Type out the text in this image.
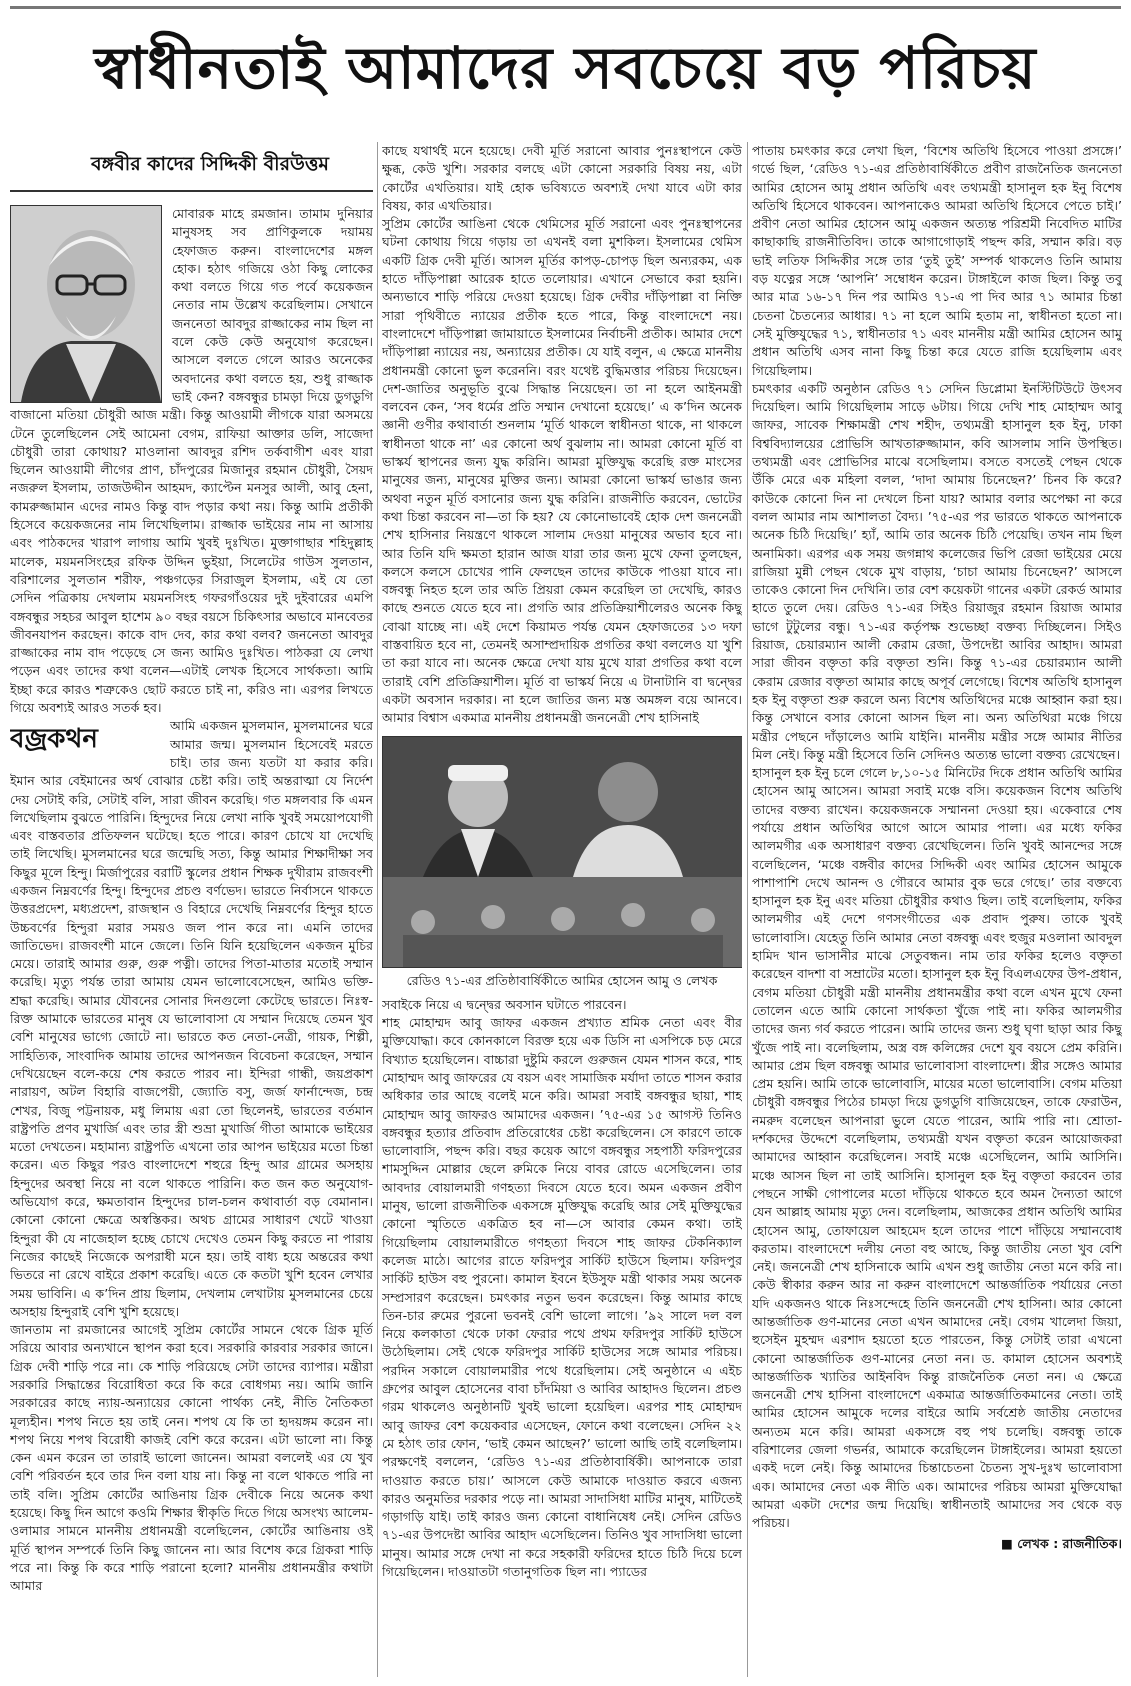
স্বাধীনতাই আমাদের সবচেয়ে বড় পরিচয়
বঙ্গবীর কাদের সিদ্দিকী বীরউত্তম

মোবারক মাহে রমজান। তামাম দুনিয়ার মানুষসহ সব প্রাণিকুলকে দয়াময় হেফাজত করুন। বাংলাদেশের মঙ্গল হোক। হঠাৎ গজিয়ে ওঠা কিছু লোকের কথা বলতে গিয়ে গত পর্বে কয়েকজন নেতার নাম উল্লেখ করেছিলাম। সেখানে জননেতা আবদুর রাজ্জাকের নাম ছিল না বলে কেউ কেউ অনুযোগ করেছেন। আসলে বলতে গেলে আরও অনেকের অবদানের কথা বলতে হয়, শুধু রাজ্জাক ভাই কেন? বঙ্গবন্ধুর চামড়া দিয়ে ডুগডুগি বাজানো মতিয়া চৌধুরী আজ মন্ত্রী। কিন্তু আওয়ামী লীগকে যারা অসময়ে টেনে তুলেছিলেন সেই আমেনা বেগম, রাফিয়া আক্তার ডলি, সাজেদা চৌধুরী তারা কোথায়? মাওলানা আবদুর রশিদ তর্কবাগীশ এবং যারা ছিলেন আওয়ামী লীগের প্রাণ, চাঁদপুরের মিজানুর রহমান চৌধুরী, সৈয়দ নজরুল ইসলাম, তাজউদ্দীন আহমদ, ক্যাপ্টেন মনসুর আলী, আবু হেনা, কামরুজ্জামান এদের নামও কিন্তু বাদ পড়ার কথা নয়। কিন্তু আমি প্রতীকী হিসেবে কয়েকজনের নাম লিখেছিলাম। রাজ্জাক ভাইয়ের নাম না আসায় এবং পাঠকদের খারাপ লাগায় আমি খুবই দুঃখিত। মুক্তাগাছার শহিদুল্লাহ মালেক, ময়মনসিংহের রফিক উদ্দিন ভুইয়া, সিলেটের গাউস সুলতান, বরিশালের সুলতান শরীফ, পঞ্চগড়ের সিরাজুল ইসলাম, এই যে তো সেদিন পত্রিকায় দেখলাম ময়মনসিংহ গফরগাঁওয়ের দুই দুইবারের এমপি বঙ্গবন্ধুর সহচর আবুল হাশেম ৯০ বছর বয়সে চিকিৎসার অভাবে মানবেতর জীবনযাপন করছেন। কাকে বাদ দেব, কার কথা বলব? জননেতা আবদুর রাজ্জাকের নাম বাদ পড়েছে সে জন্য আমিও দুঃখিত। পাঠকরা যে লেখা পড়েন এবং তাদের কথা বলেন—এটাই লেখক হিসেবে সার্থকতা। আমি ইচ্ছা করে কারও শত্রুকেও ছোট করতে চাই না, করিও না। এরপর লিখতে গিয়ে অবশ্যই আরও সতর্ক হব।

বজ্রকথন	আমি একজন মুসলমান, মুসলমানের ঘরে আমার জন্ম। মুসলমান হিসেবেই মরতে চাই। তার জন্য যতটা যা করার করি। ইমান আর বেইমানের অর্থ বোঝার চেষ্টা করি। তাই অন্তরাত্মা যে নির্দেশ দেয় সেটাই করি, সেটাই বলি, সারা জীবন করেছি। গত মঙ্গলবার কি এমন লিখেছিলাম বুঝতে পারিনি। হিন্দুদের নিয়ে লেখা নাকি খুবই সময়োপযোগী এবং বাস্তবতার প্রতিফলন ঘটেছে। হতে পারে। কারণ চোখে যা দেখেছি তাই লিখেছি। মুসলমানের ঘরে জন্মেছি সত্য, কিন্তু আমার শিক্ষাদীক্ষা সব কিছুর মূলে হিন্দু। মির্জাপুরের বরাটি স্কুলের প্রধান শিক্ষক দুখীরাম রাজবংশী একজন নিম্নবর্ণের হিন্দু। হিন্দুদের প্রচণ্ড বর্ণভেদ। ভারতে নির্বাসনে থাকতে উত্তরপ্রদেশ, মধ্যপ্রদেশ, রাজস্থান ও বিহারে দেখেছি নিম্নবর্ণের হিন্দুর হাতে উচ্চবর্ণের হিন্দুরা মরার সময়ও জল পান করে না। এমনি তাদের জাতিভেদ। রাজবংশী মানে জেলে। তিনি যিনি হয়েছিলেন একজন মুচির মেয়ে। তারাই আমার গুরু, গুরু পত্নী। তাদের পিতা-মাতার মতোই সম্মান করেছি। মৃত্যু পর্যন্ত তারা আমায় যেমন ভালোবেসেছেন, আমিও ভক্তি-শ্রদ্ধা করেছি। আমার যৌবনের সোনার দিনগুলো কেটেছে ভারতে। নিঃস্ব-রিক্ত আমাকে ভারতের মানুষ যে ভালোবাসা যে সম্মান দিয়েছে তেমন খুব বেশি মানুষের ভাগ্যে জোটে না। ভারতে কত নেতা-নেত্রী, গায়ক, শিল্পী, সাহিত্যিক, সাংবাদিক আমায় তাদের আপনজন বিবেচনা করেছেন, সম্মান দেখিয়েছেন বলে-কয়ে শেষ করতে পারব না। ইন্দিরা গান্ধী, জয়প্রকাশ নারায়ণ, অটল বিহারি বাজপেয়ী, জ্যোতি বসু, জর্জ ফার্নান্দেজ, চন্দ্র শেখর, বিজু পট্টনায়ক, মধু লিমায় এরা তো ছিলেনই, ভারতের বর্তমান রাষ্ট্রপতি প্রণব মুখার্জি এবং তার স্ত্রী শুভ্রা মুখার্জি গীতা আমাকে ভাইয়ের মতো দেখতেন। মহামান্য রাষ্ট্রপতি এখনো তার আপন ভাইয়ের মতো চিন্তা করেন। এত কিছুর পরও বাংলাদেশে শহুরে হিন্দু আর গ্রামের অসহায় হিন্দুদের অবস্থা নিয়ে না বলে থাকতে পারিনি। কত জন কত অনুযোগ-অভিযোগ করে, ক্ষমতাবান হিন্দুদের চাল-চলন কথাবার্তা বড় বেমানান। কোনো কোনো ক্ষেত্রে অস্বস্তিকর। অথচ গ্রামের সাধারণ খেটে খাওয়া হিন্দুরা কী যে নাজেহাল হচ্ছে চোখে দেখেও তেমন কিছু করতে না পারায় নিজের কাছেই নিজেকে অপরাধী মনে হয়। তাই বাধ্য হয়ে অন্তরের কথা ভিতরে না রেখে বাইরে প্রকাশ করেছি। এতে কে কতটা খুশি হবেন লেখার সময় ভাবিনি। এ ক’দিন প্রায় ছিলাম, দেখলাম লেখাটায় মুসলমানের চেয়ে অসহায় হিন্দুরাই বেশি খুশি হয়েছে।

জানতাম না রমজানের আগেই সুপ্রিম কোর্টের সামনে থেকে গ্রিক মূর্তি সরিয়ে আবার অন্যখানে স্থাপন করা হবে। সরকারি কারবার সরকার জানে। গ্রিক দেবী শাড়ি পরে না। কে শাড়ি পরিয়েছে সেটা তাদের ব্যাপার। মন্ত্রীরা সরকারি সিদ্ধান্তের বিরোধিতা করে কি করে বোধগম্য নয়। আমি জানি সরকারের কাছে ন্যায়-অন্যায়ের কোনো পার্থক্য নেই, নীতি নৈতিকতা মূল্যহীন। শপথ নিতে হয় তাই নেন। শপথ যে কি তা হৃদয়ঙ্গম করেন না। শপথ নিয়ে শপথ বিরোধী কাজই বেশি করে করেন। এটা ভালো না। কিন্তু কেন এমন করেন তা তারাই ভালো জানেন। আমরা বললেই এর যে খুব বেশি পরিবর্তন হবে তার দিন বলা যায় না। কিন্তু না বলে থাকতে পারি না তাই বলি। সুপ্রিম কোর্টের আঙিনায় গ্রিক দেবীকে নিয়ে অনেক কথা হয়েছে। কিছু দিন আগে কওমি শিক্ষার স্বীকৃতি দিতে গিয়ে অসংখ্য আলেম-ওলামার সামনে মাননীয় প্রধানমন্ত্রী বলেছিলেন, কোর্টের আঙিনায় ওই মূর্তি স্থাপন সম্পর্কে তিনি কিছু জানেন না। আর বিশেষ করে গ্রিকরা শাড়ি পরে না। কিন্তু কি করে শাড়ি পরানো হলো? মাননীয় প্রধানমন্ত্রীর কথাটা আমার

কাছে যথার্থই মনে হয়েছে। দেবী মূর্তি সরানো আবার পুনঃস্থাপনে কেউ ক্ষুব্ধ, কেউ খুশি। সরকার বলছে এটা কোনো সরকারি বিষয় নয়, এটা কোর্টের এখতিয়ার। যাই হোক ভবিষ্যতে অবশ্যই দেখা যাবে এটা কার বিষয়, কার এখতিয়ার।

সুপ্রিম কোর্টের আঙিনা থেকে থেমিসের মূর্তি সরানো এবং পুনঃস্থাপনের ঘটনা কোথায় গিয়ে গড়ায় তা এখনই বলা মুশকিল। ইসলামের থেমিস একটি গ্রিক দেবী মূর্তি। আসল মূর্তির কাপড়-চোপড় ছিল অন্যরকম, এক হাতে দাঁড়িপাল্লা আরেক হাতে তলোয়ার। এখানে সেভাবে করা হয়নি। অন্যভাবে শাড়ি পরিয়ে দেওয়া হয়েছে। গ্রিক দেবীর দাঁড়িপাল্লা বা নিক্তি সারা পৃথিবীতে ন্যায়ের প্রতীক হতে পারে, কিন্তু বাংলাদেশে নয়। বাংলাদেশে দাঁড়িপাল্লা জামায়াতে ইসলামের নির্বাচনী প্রতীক। আমার দেশে দাঁড়িপাল্লা ন্যায়ের নয়, অন্যায়ের প্রতীক। যে যাই বলুন, এ ক্ষেত্রে মাননীয় প্রধানমন্ত্রী কোনো ভুল করেননি। বরং যথেষ্ট বুদ্ধিমত্তার পরিচয় দিয়েছেন। দেশ-জাতির অনুভূতি বুঝে সিদ্ধান্ত নিয়েছেন। তা না হলে আইনমন্ত্রী বলবেন কেন, ‘সব ধর্মের প্রতি সম্মান দেখানো হয়েছে।’ এ ক’দিন অনেক জ্ঞানী গুণীর কথাবার্তা শুনলাম ‘মূর্তি থাকলে স্বাধীনতা থাকে, না থাকলে স্বাধীনতা থাকে না’ এর কোনো অর্থ বুঝলাম না। আমরা কোনো মূর্তি বা ভাস্কর্য স্থাপনের জন্য যুদ্ধ করিনি। আমরা মুক্তিযুদ্ধ করেছি রক্ত মাংসের মানুষের জন্য, মানুষের মুক্তির জন্য। আমরা কোনো ভাস্কর্য ভাঙার জন্য অথবা নতুন মূর্তি বসানোর জন্য যুদ্ধ করিনি। রাজনীতি করবেন, ভোটের কথা চিন্তা করবেন না—তা কি হয়? যে কোনোভাবেই হোক দেশ জননেত্রী শেখ হাসিনার নিয়ন্ত্রণে থাকলে সালাম দেওয়া মানুষের অভাব হবে না। আর তিনি যদি ক্ষমতা হারান আজ যারা তার জন্য মুখে ফেনা তুলছেন, কলসে কলসে চোখের পানি ফেলছেন তাদের কাউকে পাওয়া যাবে না। বঙ্গবন্ধু নিহত হলে তার অতি প্রিয়রা কেমন করেছিল তা দেখেছি, কারও কাছে শুনতে যেতে হবে না। প্রগতি আর প্রতিক্রিয়াশীলেরও অনেক কিছু বোঝা যাচ্ছে না। এই দেশে কিয়ামত পর্যন্ত যেমন হেফাজতের ১৩ দফা বাস্তবায়িত হবে না, তেমনই অসাম্প্রদায়িক প্রগতির কথা বললেও যা খুশি তা করা যাবে না। অনেক ক্ষেত্রে দেখা যায় মুখে যারা প্রগতির কথা বলে তারাই বেশি প্রতিক্রিয়াশীল। মূর্তি বা ভাস্কর্য নিয়ে এ টানাটানি বা দ্বন্দ্বের একটা অবসান দরকার। না হলে জাতির জন্য মস্ত অমঙ্গল বয়ে আনবে। আমার বিশ্বাস একমাত্র মাননীয় প্রধানমন্ত্রী জননেত্রী শেখ হাসিনাই

রেডিও ৭১-এর প্রতিষ্ঠাবার্ষিকীতে আমির হোসেন আমু ও লেখক

সবাইকে নিয়ে এ দ্বন্দ্বের অবসান ঘটাতে পারবেন।

শাহ মোহাম্মদ আবু জাফর একজন প্রখ্যাত শ্রমিক নেতা এবং বীর মুক্তিযোদ্ধা। কবে কোনকালে বিরক্ত হয়ে এক ডিসি না এসপিকে চড় মেরে বিখ্যাত হয়েছিলেন। বাচ্চারা দুষ্টুমি করলে গুরুজন যেমন শাসন করে, শাহ মোহাম্মদ আবু জাফরের যে বয়স এবং সামাজিক মর্যাদা তাতে শাসন করার অধিকার তার আছে বলেই মনে করি। আমরা সবাই বঙ্গবন্ধুর ছায়া, শাহ মোহাম্মদ আবু জাফরও আমাদের একজন। ’৭৫-এর ১৫ আগস্ট তিনিও বঙ্গবন্ধুর হত্যার প্রতিবাদ প্রতিরোধের চেষ্টা করেছিলেন। সে কারণে তাকে ভালোবাসি, পছন্দ করি। বছর কয়েক আগে বঙ্গবন্ধুর সহপাঠী ফরিদপুরের শামসুদ্দিন মোল্লার ছেলে রুমিকে নিয়ে বাবর রোডে এসেছিলেন। তার আবদার বোয়ালমারী গণহত্যা দিবসে যেতে হবে। অমন একজন প্রবীণ মানুষ, ভালো রাজনীতিক একসঙ্গে মুক্তিযুদ্ধ করেছি আর সেই মুক্তিযুদ্ধের কোনো স্মৃতিতে একত্রিত হব না—সে আবার কেমন কথা। তাই গিয়েছিলাম বোয়ালমারীতে গণহত্যা দিবসে শাহ জাফর টেকনিক্যাল কলেজ মাঠে। আগের রাতে ফরিদপুর সার্কিট হাউসে ছিলাম। ফরিদপুর সার্কিট হাউস বহু পুরনো। কামাল ইবনে ইউসুফ মন্ত্রী থাকার সময় অনেক সম্প্রসারণ করেছেন। চমৎকার নতুন ভবন করেছেন। কিন্তু আমার কাছে তিন-চার রুমের পুরনো ভবনই বেশি ভালো লাগে। ’৯২ সালে দল বল নিয়ে কলকাতা থেকে ঢাকা ফেরার পথে প্রথম ফরিদপুর সার্কিট হাউসে উঠেছিলাম। সেই থেকে ফরিদপুর সার্কিট হাউসের সঙ্গে আমার পরিচয়। পরদিন সকালে বোয়ালমারীর পথে ধরেছিলাম। সেই অনুষ্ঠানে এ এইচ গ্রুপের আবুল হোসেনের বাবা চাঁদমিয়া ও আবির আহাদও ছিলেন। প্রচণ্ড গরম থাকলেও অনুষ্ঠানটি খুবই ভালো হয়েছিল। এরপর শাহ মোহাম্মদ আবু জাফর বেশ কয়েকবার এসেছেন, ফোনে কথা বলেছেন। সেদিন ২২ মে হঠাৎ তার ফোন, ‘ভাই কেমন আছেন?’ ভালো আছি তাই বলেছিলাম। পরক্ষণেই বললেন, ‘রেডিও ৭১-এর প্রতিষ্ঠাবার্ষিকী। আপনাকে তারা দাওয়াত করতে চায়।’ আসলে কেউ আমাকে দাওয়াত করবে এজন্য কারও অনুমতির দরকার পড়ে না। আমরা সাদাসিধা মাটির মানুষ, মাটিতেই গড়াগড়ি যাই। তাই কারও জন্য কোনো বাধানিষেধ নেই। সেদিন রেডিও ৭১-এর উপদেষ্টা আবির আহাদ এসেছিলেন। তিনিও খুব সাদাসিধা ভালো মানুষ। আমার সঙ্গে দেখা না করে সহকারী ফরিদের হাতে চিঠি দিয়ে চলে গিয়েছিলেন। দাওয়াতটা গতানুগতিক ছিল না। প্যাডের

পাতায় চমৎকার করে লেখা ছিল, ‘বিশেষ অতিথি হিসেবে পাওয়া প্রসঙ্গে।’ গর্ভে ছিল, ‘রেডিও ৭১-এর প্রতিষ্ঠাবার্ষিকীতে প্রবীণ রাজনৈতিক জননেতা আমির হোসেন আমু প্রধান অতিথি এবং তথ্যমন্ত্রী হাসানুল হক ইনু বিশেষ অতিথি হিসেবে থাকবেন। আপনাকেও আমরা অতিথি হিসেবে পেতে চাই।’ প্রবীণ নেতা আমির হোসেন আমু একজন অত্যন্ত পরিশ্রমী নিবেদিত মাটির কাছাকাছি রাজনীতিবিদ। তাকে আগাগোড়াই পছন্দ করি, সম্মান করি। বড় ভাই লতিফ সিদ্দিকীর সঙ্গে তার ‘তুই তুই’ সম্পর্ক থাকলেও তিনি আমায় বড় যত্নের সঙ্গে ‘আপনি’ সম্বোধন করেন। টাঙ্গাইলে কাজ ছিল। কিন্তু তবু আর মাত্র ১৬-১৭ দিন পর আমিও ৭১-এ পা দিব আর ৭১ আমার চিন্তা চেতনা চৈতন্যের আধার। ৭১ না হলে আমি হতাম না, স্বাধীনতা হতো না। সেই মুক্তিযুদ্ধের ৭১, স্বাধীনতার ৭১ এবং মাননীয় মন্ত্রী আমির হোসেন আমু প্রধান অতিথি এসব নানা কিছু চিন্তা করে যেতে রাজি হয়েছিলাম এবং গিয়েছিলাম।

চমৎকার একটি অনুষ্ঠান রেডিও ৭১ সেদিন ডিপ্লোমা ইনস্টিটিউটে উৎসব দিয়েছিল। আমি গিয়েছিলাম সাড়ে ৬টায়। গিয়ে দেখি শাহ মোহাম্মদ আবু জাফর, সাবেক শিক্ষামন্ত্রী শেখ শহীদ, তথ্যমন্ত্রী হাসানুল হক ইনু, ঢাকা বিশ্ববিদ্যালয়ের প্রোভিসি আখতারুজ্জামান, কবি আসলাম সানি উপস্থিত। তথ্যমন্ত্রী এবং প্রোভিসির মাঝে বসেছিলাম। বসতে বসতেই পেছন থেকে উঁকি মেরে এক মহিলা বলল, ‘দাদা আমায় চিনেছেন?’ চিনব কি করে? কাউকে কোনো দিন না দেখলে চিনা যায়? আমার বলার অপেক্ষা না করে বলল আমার নাম আশালতা বৈদ্য। ’৭৫-এর পর ভারতে থাকতে আপনাকে অনেক চিঠি দিয়েছি।’ হ্যাঁ, আমি তার অনেক চিঠি পেয়েছি। তখন নাম ছিল অনামিকা। এরপর এক সময় জগন্নাথ কলেজের ভিপি রেজা ভাইয়ের মেয়ে রাজিয়া মুন্নী পেছন থেকে মুখ বাড়ায়, ‘চাচা আমায় চিনেছেন?’ আসলে তাকেও কোনো দিন দেখিনি। তার বেশ কয়েকটা গানের একটা রেকর্ড আমার হাতে তুলে দেয়। রেডিও ৭১-এর সিইও রিয়াজুর রহমান রিয়াজ আমার ভাগে টুটুলের বন্ধু। ৭১-এর কর্তৃপক্ষ শুভেচ্ছা বক্তব্য দিচ্ছিলেন। সিইও রিয়াজ, চেয়ারম্যান আলী কেরাম রেজা, উপদেষ্টা আবির আহাদ। আমরা সারা জীবন বক্তৃতা করি বক্তৃতা শুনি। কিন্তু ৭১-এর চেয়ারম্যান আলী কেরাম রেজার বক্তৃতা আমার কাছে অপূর্ব লেগেছে। বিশেষ অতিথি হাসানুল হক ইনু বক্তৃতা শুরু করলে অন্য বিশেষ অতিথিদের মঞ্চে আহ্বান করা হয়। কিন্তু সেখানে বসার কোনো আসন ছিল না। অন্য অতিথিরা মঞ্চে গিয়ে মন্ত্রীর পেছনে দাঁড়ালেও আমি যাইনি। মাননীয় মন্ত্রীর সঙ্গে আমার নীতির মিল নেই। কিন্তু মন্ত্রী হিসেবে তিনি সেদিনও অত্যন্ত ভালো বক্তব্য রেখেছেন।

হাসানুল হক ইনু চলে গেলে ৮,১০-১৫ মিনিটের দিকে প্রধান অতিথি আমির হোসেন আমু আসেন। আমরা সবাই মঞ্চে বসি। কয়েকজন বিশেষ অতিথি তাদের বক্তব্য রাখেন। কয়েকজনকে সম্মাননা দেওয়া হয়। একেবারে শেষ পর্যায়ে প্রধান অতিথির আগে আসে আমার পালা। এর মধ্যে ফকির আলমগীর এক অসাধারণ বক্তব্য রেখেছিলেন। তিনি খুবই আনন্দের সঙ্গে বলেছিলেন, ‘মঞ্চে বঙ্গবীর কাদের সিদ্দিকী এবং আমির হোসেন আমুকে পাশাপাশি দেখে আনন্দ ও গৌরবে আমার বুক ভরে গেছে।’ তার বক্তব্যে হাসানুল হক ইনু এবং মতিয়া চৌধুরীর কথাও ছিল। তাই বলেছিলাম, ফকির আলমগীর এই দেশে গণসংগীতের এক প্রবাদ পুরুষ। তাকে খুবই ভালোবাসি। যেহেতু তিনি আমার নেতা বঙ্গবন্ধু এবং হুজুর মওলানা আবদুল হামিদ খান ভাসানীর মাঝে সেতুবন্ধন। নাম তার ফকির হলেও বক্তৃতা করেছেন বাদশা বা সম্রাটের মতো। হাসানুল হক ইনু বিএলএফের উপ-প্রধান, বেগম মতিয়া চৌধুরী মন্ত্রী মাননীয় প্রধানমন্ত্রীর কথা বলে এখন মুখে ফেনা তোলেন এতে আমি কোনো সার্থকতা খুঁজে পাই না। ফকির আলমগীর তাদের জন্য গর্ব করতে পারেন। আমি তাদের জন্য শুধু ঘৃণা ছাড়া আর কিছু খুঁজে পাই না। বলেছিলাম, অস্ত্র বঙ্গ কলিঙ্গের দেশে যুব বয়সে প্রেম করিনি। আমার প্রেম ছিল বঙ্গবন্ধু আমার ভালোবাসা বাংলাদেশ। স্ত্রীর সঙ্গেও আমার প্রেম হয়নি। আমি তাকে ভালোবাসি, মায়ের মতো ভালোবাসি। বেগম মতিয়া চৌধুরী বঙ্গবন্ধুর পিঠের চামড়া দিয়ে ডুগডুগি বাজিয়েছেন, তাকে ফেরাউন, নমরুদ বলেছেন আপনারা ভুলে যেতে পারেন, আমি পারি না। শ্রোতা-দর্শকদের উদ্দেশে বলেছিলাম, তথ্যমন্ত্রী যখন বক্তৃতা করেন আয়োজকরা আমাদের আহ্বান করেছিলেন। সবাই মঞ্চে এসেছিলেন, আমি আসিনি। মঞ্চে আসন ছিল না তাই আসিনি। হাসানুল হক ইনু বক্তৃতা করবেন তার পেছনে সাক্ষী গোপালের মতো দাঁড়িয়ে থাকতে হবে অমন দৈন্যতা আগে যেন আল্লাহ আমায় মৃত্যু দেন। বলেছিলাম, আজকের প্রধান অতিথি আমির হোসেন আমু, তোফায়েল আহমেদ হলে তাদের পাশে দাঁড়িয়ে সম্মানবোধ করতাম। বাংলাদেশে দলীয় নেতা বহু আছে, কিন্তু জাতীয় নেতা খুব বেশি নেই। জননেত্রী শেখ হাসিনাকে আমি এখন শুধু জাতীয় নেতা মনে করি না। কেউ স্বীকার করুন আর না করুন বাংলাদেশে আন্তর্জাতিক পর্যায়ের নেতা যদি একজনও থাকে নিঃসন্দেহে তিনি জননেত্রী শেখ হাসিনা। আর কোনো আন্তর্জাতিক গুণ-মানের নেতা এখন আমাদের নেই। বেগম খালেদা জিয়া, হুসেইন মুহম্মদ এরশাদ হয়তো হতে পারতেন, কিন্তু সেটাই তারা এখনো কোনো আন্তর্জাতিক গুণ-মানের নেতা নন। ড. কামাল হোসেন অবশ্যই আন্তর্জাতিক খ্যাতির আইনবিদ কিন্তু রাজনৈতিক নেতা নন। এ ক্ষেত্রে জননেত্রী শেখ হাসিনা বাংলাদেশে একমাত্র আন্তর্জাতিকমানের নেতা। তাই আমির হোসেন আমুকে দলের বাইরে আমি সর্বশ্রেষ্ঠ জাতীয় নেতাদের অন্যতম মনে করি। আমরা একসঙ্গে বহু পথ চলেছি। বঙ্গবন্ধু তাকে বরিশালের জেলা গভর্নর, আমাকে করেছিলেন টাঙ্গাইলের। আমরা হয়তো একই দলে নেই। কিন্তু আমাদের চিন্তাচেতনা চৈতন্য সুখ-দুঃখ ভালোবাসা এক। আমাদের নেতা এক নীতি এক। আমাদের পরিচয় আমরা মুক্তিযোদ্ধা আমরা একটা দেশের জন্ম দিয়েছি। স্বাধীনতাই আমাদের সব থেকে বড় পরিচয়।

■ লেখক : রাজনীতিক।
